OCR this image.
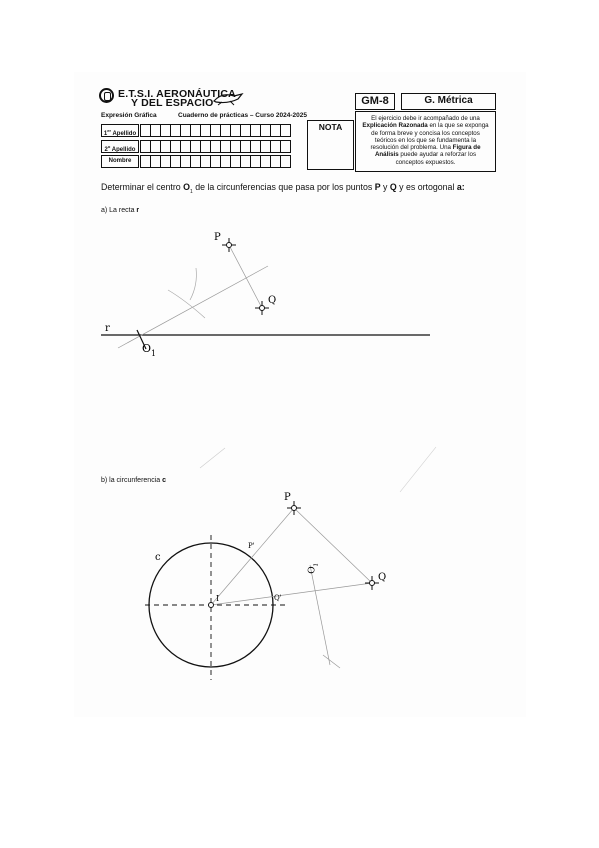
E.T.S.I. AERONÁUTICA
Y DEL ESPACIO
Expresión Gráfica	Cuaderno de prácticas – Curso 2024-2025
1er Apellido
2$^o$ Apellido
Nombre
NOTA
GM-8	G. Métrica
El ejercicio debe ir acompañado de una Explicación Razonada en la que se exponga de forma breve y concisa los conceptos teóricos en los que se fundamenta la resolución del problema. Una Figura de Análisis puede ayudar a reforzar los conceptos expuestos.
Determinar el centro $O_1$ de la circunferencias que pasa por los puntos P y Q y es ortogonal a:
a) La recta r
b) la circunferencia c
P
Q
r
$O_1$
P
Q
c
I
P'
Q'
$O_1$
